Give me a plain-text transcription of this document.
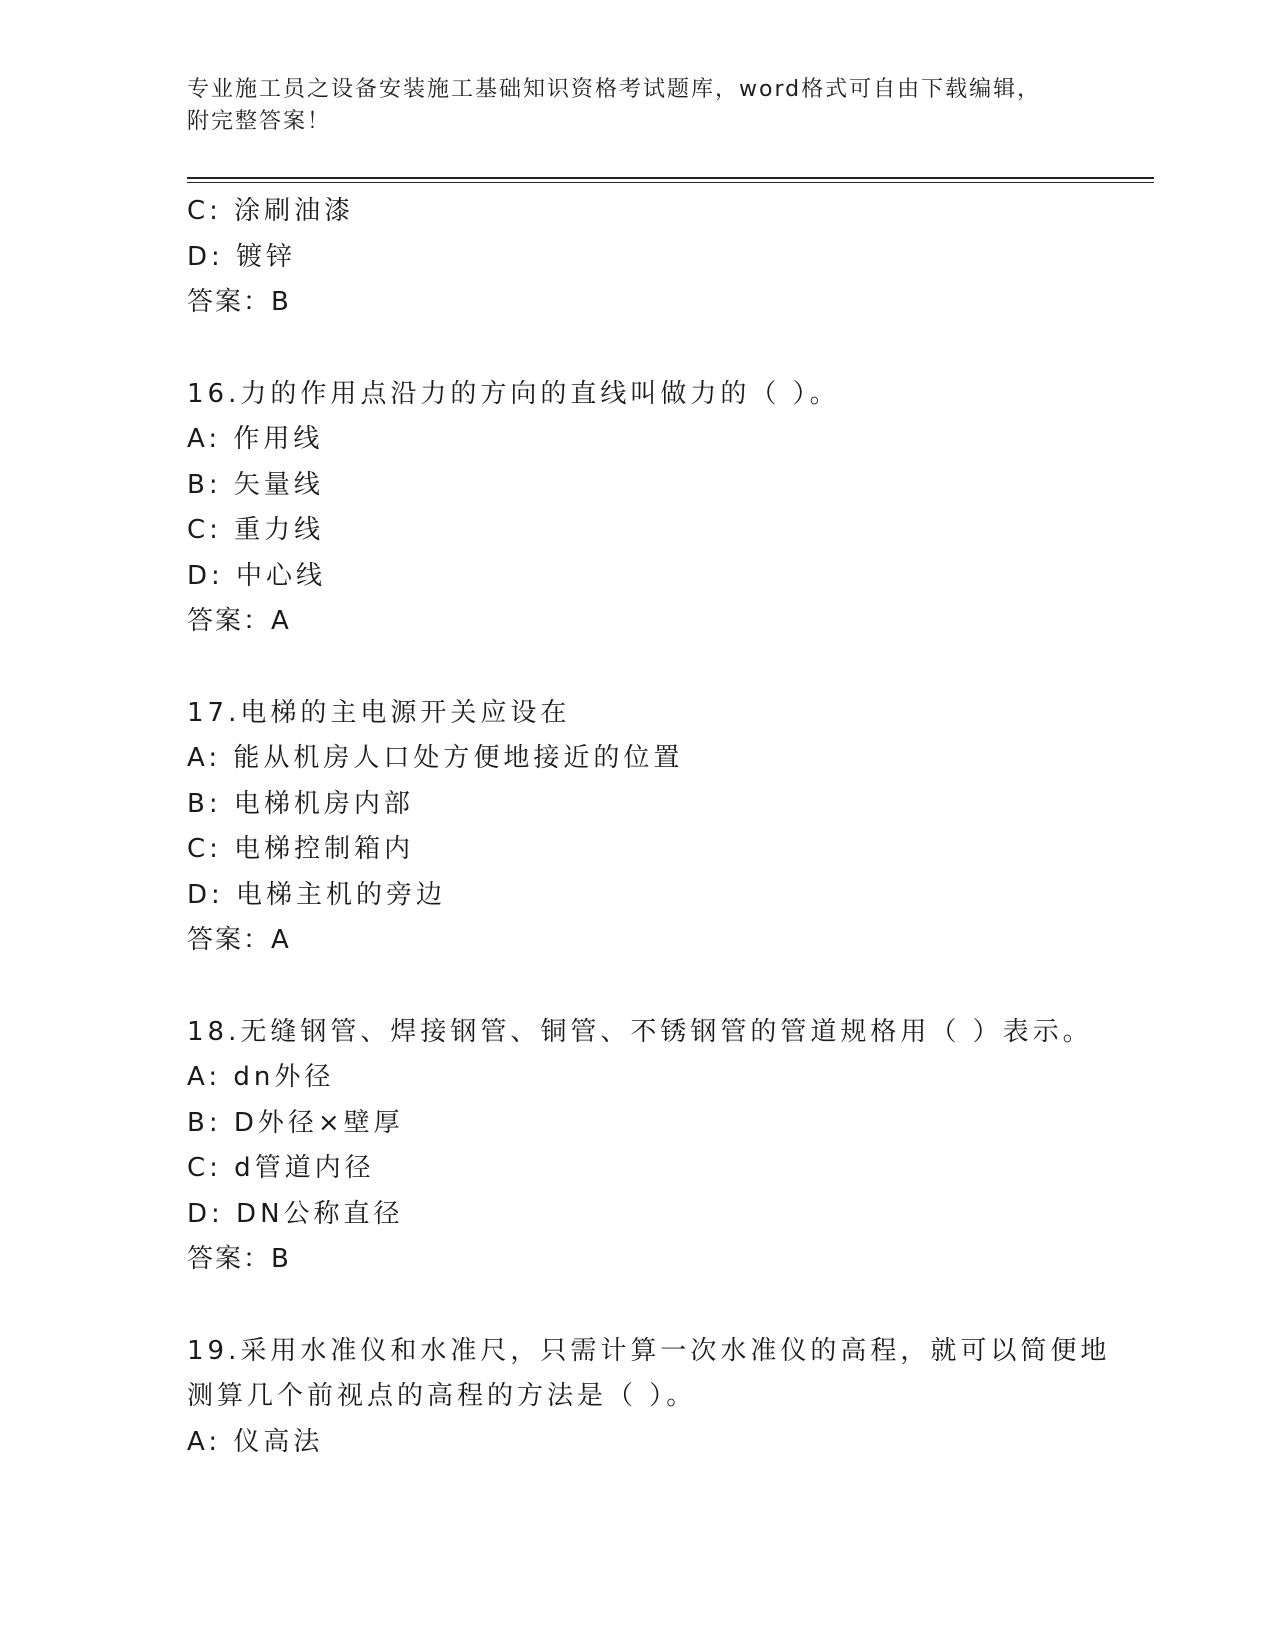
专业施工员之设备安装施工基础知识资格考试题库，word格式可自由下载编辑，
附完整答案！
C: 涂刷油漆
D: 镀锌
答案：B
16.力的作用点沿力的方向的直线叫做力的（ ）。
A: 作用线
B: 矢量线
C: 重力线
D: 中心线
答案：A
17.电梯的主电源开关应设在
A: 能从机房人口处方便地接近的位置
B: 电梯机房内部
C: 电梯控制箱内
D: 电梯主机的旁边
答案：A
18.无缝钢管、焊接钢管、铜管、不锈钢管的管道规格用（ ）表示。
A: dn外径
B: D外径×壁厚
C: d管道内径
D: DN公称直径
答案：B
19.采用水准仪和水准尺，只需计算一次水准仪的高程，就可以简便地
测算几个前视点的高程的方法是（ ）。
A: 仪高法
